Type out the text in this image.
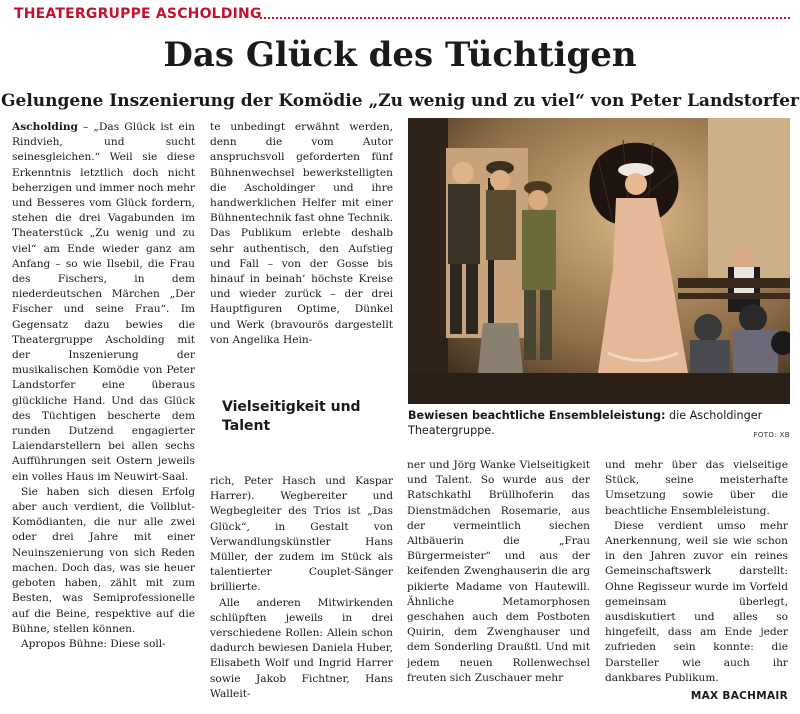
THEATERGRUPPE ASCHOLDING
Das Glück des Tüchtigen
Gelungene Inszenierung der Komödie „Zu wenig und zu viel“ von Peter Landstorfer

Ascholding – „Das Glück ist ein Rindvieh, und sucht seinesgleichen.“ Weil sie diese Erkenntnis letztlich doch nicht beherzigen und immer noch mehr und Besseres vom Glück fordern, stehen die drei Vagabunden im Theaterstück „Zu wenig und zu viel“ am Ende wieder ganz am Anfang – so wie Ilsebil, die Frau des Fischers, in dem niederdeutschen Märchen „Der Fischer und seine Frau“. Im Gegensatz dazu bewies die Theatergruppe Ascholding mit der Inszenierung der musikalischen Komödie von Peter Landstorfer eine überaus glückliche Hand. Und das Glück des Tüchtigen bescherte dem runden Dutzend engagierter Laiendarstellern bei allen sechs Aufführungen seit Ostern jeweils ein volles Haus im Neuwirt-Saal.

Sie haben sich diesen Erfolg aber auch verdient, die Vollblut-Komödianten, die nur alle zwei oder drei Jahre mit einer Neuinszenierung von sich Reden machen. Doch das, was sie heuer geboten haben, zählt mit zum Besten, was Semiprofessionelle auf die Beine, respektive auf die Bühne, stellen können.

Apropos Bühne: Diese soll-

te unbedingt erwähnt werden, denn die vom Autor anspruchsvoll geforderten fünf Bühnenwechsel bewerkstelligten die Ascholdinger und ihre handwerklichen Helfer mit einer Bühnentechnik fast ohne Technik. Das Publikum erlebte deshalb sehr authentisch, den Aufstieg und Fall – von der Gosse bis hinauf in beinah’ höchste Kreise und wieder zurück – der drei Hauptfiguren Optime, Dünkel und Werk (bravourös dargestellt von Angelika Hein-

Vielseitigkeit und Talent

rich, Peter Hasch und Kaspar Harrer). Wegbereiter und Wegbegleiter des Trios ist „Das Glück“, in Gestalt von Verwandlungskünstler Hans Müller, der zudem im Stück als talentierter Couplet-Sänger brillierte.

Alle anderen Mitwirkenden schlüpften jeweils in drei verschiedene Rollen: Allein schon dadurch bewiesen Daniela Huber, Elisabeth Wolf und Ingrid Harrer sowie Jakob Fichtner, Hans Walleit-

Bewiesen beachtliche Ensembleleistung: die Ascholdinger Theatergruppe.	FOTO: XB

ner und Jörg Wanke Vielseitigkeit und Talent. So wurde aus der Ratschkathl Brüllhoferin das Dienstmädchen Rosemarie, aus der vermeintlich siechen Altbäuerin die „Frau Bürgermeister“ und aus der keifenden Zwenghauserin die arg pikierte Madame von Hautewill. Ähnliche Metamorphosen geschahen auch dem Postboten Quirin, dem Zwenghauser und dem Sonderling Draußtl. Und mit jedem neuen Rollenwechsel freuten sich Zuschauer mehr

und mehr über das vielseitige Stück, seine meisterhafte Umsetzung sowie über die beachtliche Ensembleleistung.

Diese verdient umso mehr Anerkennung, weil sie wie schon in den Jahren zuvor ein reines Gemeinschaftswerk darstellt: Ohne Regisseur wurde im Vorfeld gemeinsam überlegt, ausdiskutiert und alles so hingefeilt, dass am Ende jeder zufrieden sein konnte: die Darsteller wie auch ihr dankbares Publikum.

MAX BACHMAIR
